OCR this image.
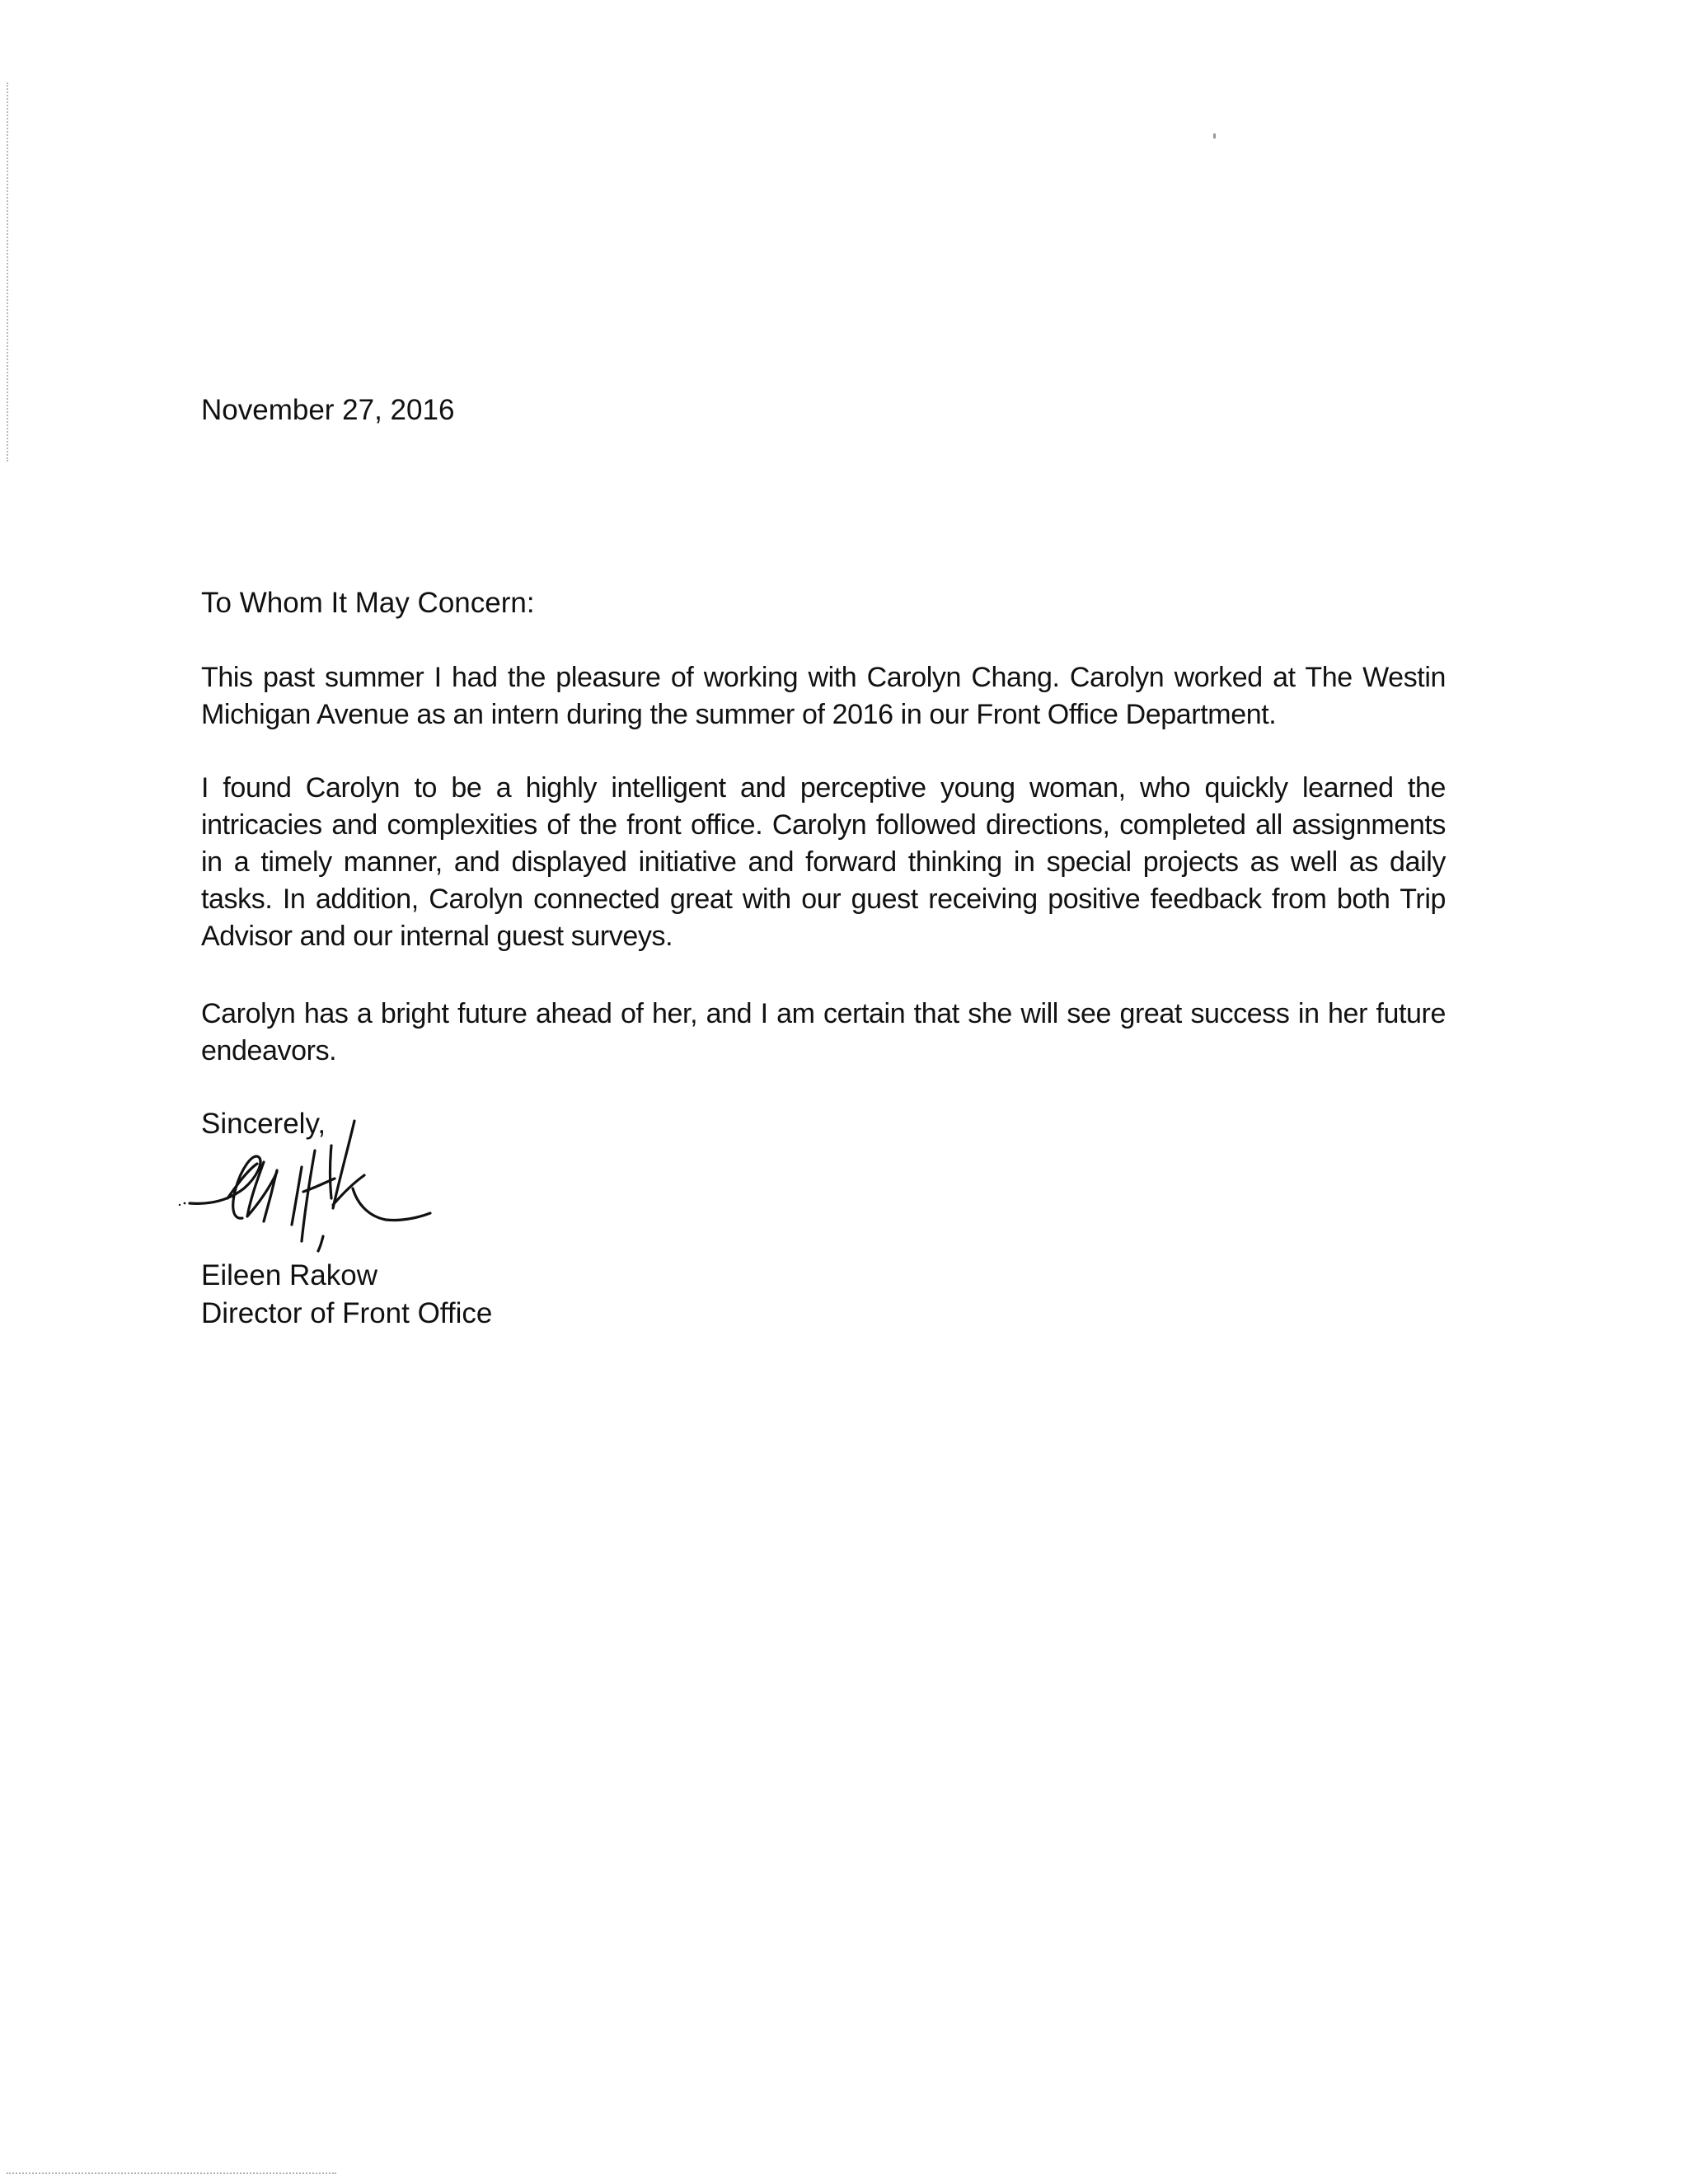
November 27, 2016
To Whom It May Concern:
This past summer I had the pleasure of working with Carolyn Chang. Carolyn worked at The Westin Michigan Avenue as an intern during the summer of 2016 in our Front Office Department.
I found Carolyn to be a highly intelligent and perceptive young woman, who quickly learned the intricacies and complexities of the front office. Carolyn followed directions, completed all assignments in a timely manner, and displayed initiative and forward thinking in special projects as well as daily tasks. In addition, Carolyn connected great with our guest receiving positive feedback from both Trip Advisor and our internal guest surveys.
Carolyn has a bright future ahead of her, and I am certain that she will see great success in her future endeavors.
Sincerely,
Eileen Rakow
Director of Front Office
